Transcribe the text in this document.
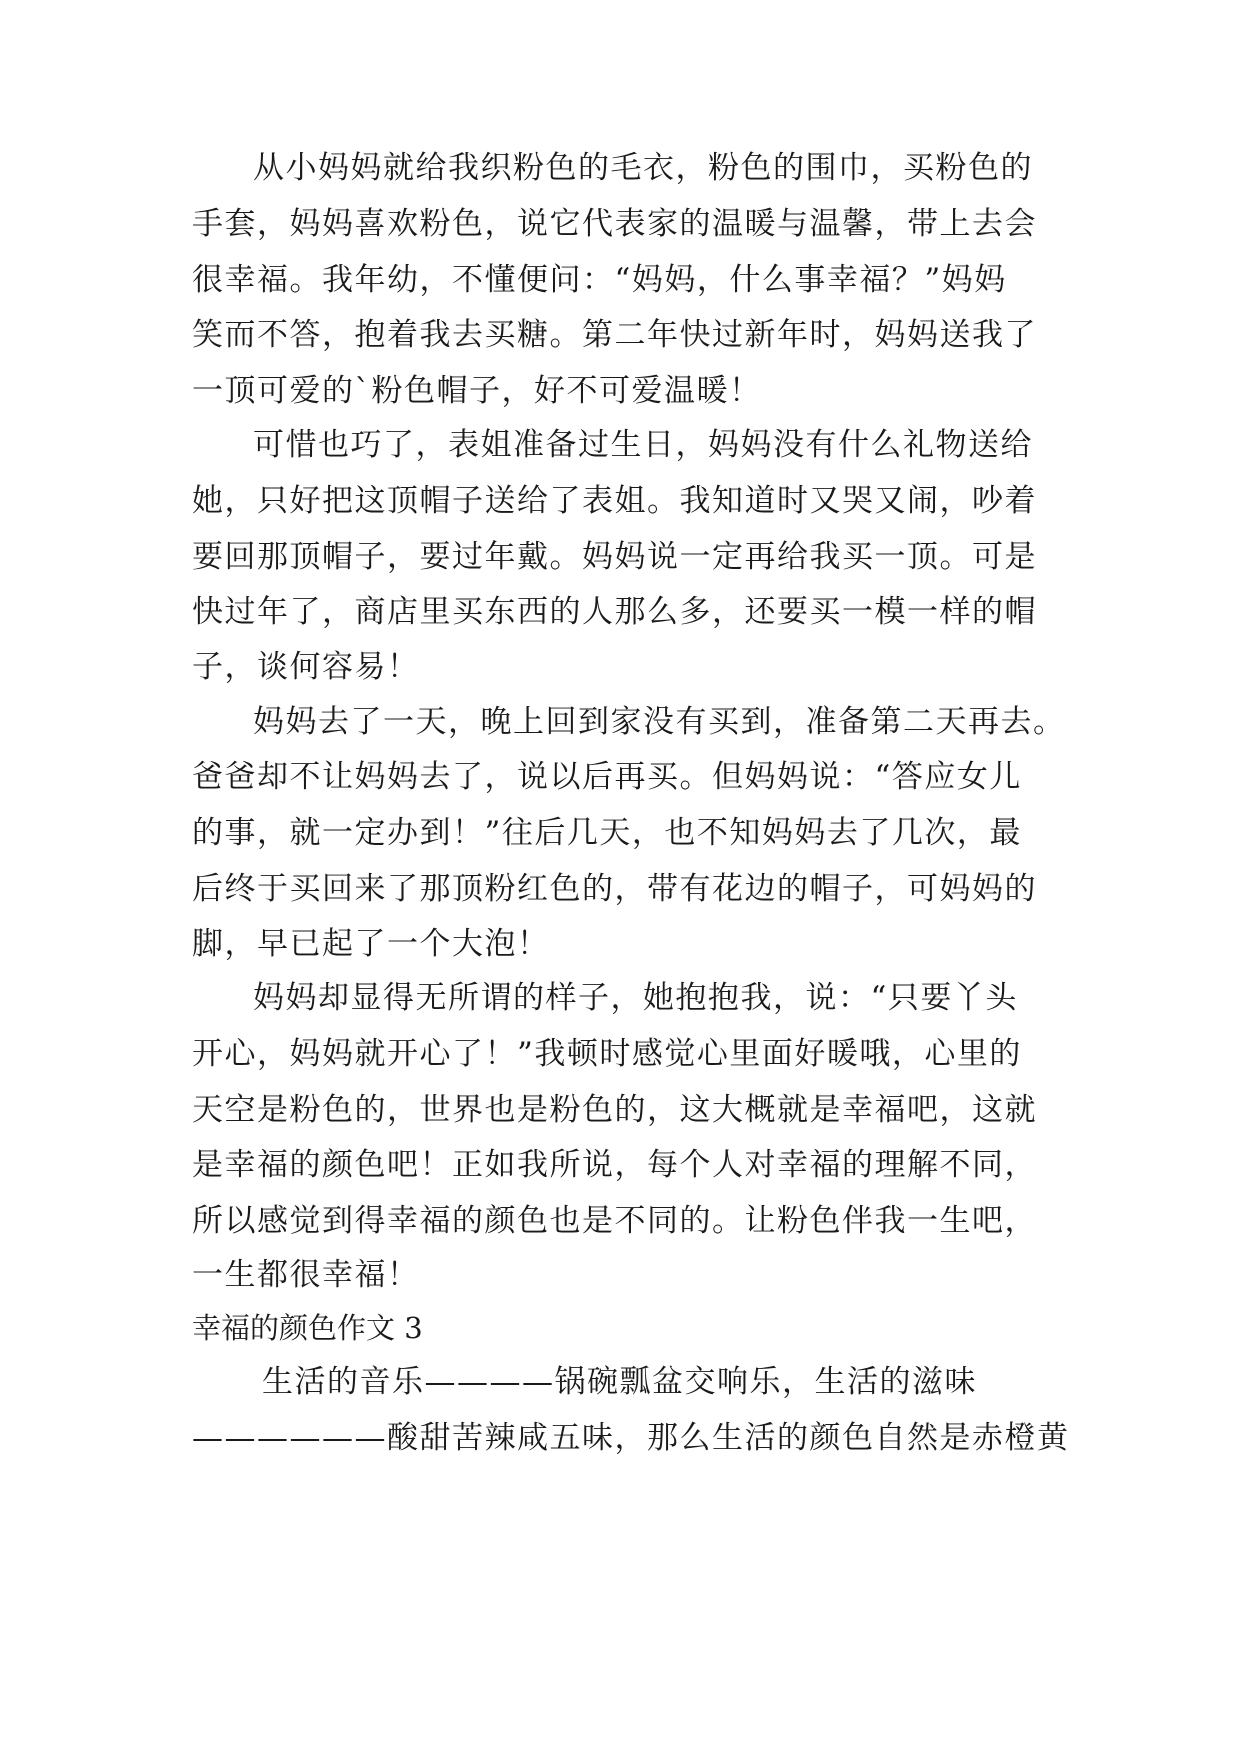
从小妈妈就给我织粉色的毛衣，粉色的围巾，买粉色的
手套，妈妈喜欢粉色，说它代表家的温暖与温馨，带上去会
很幸福。我年幼，不懂便问：“妈妈，什么事幸福？”妈妈
笑而不答，抱着我去买糖。第二年快过新年时，妈妈送我了
一顶可爱的`粉色帽子，好不可爱温暖！
可惜也巧了，表姐准备过生日，妈妈没有什么礼物送给
她，只好把这顶帽子送给了表姐。我知道时又哭又闹，吵着
要回那顶帽子，要过年戴。妈妈说一定再给我买一顶。可是
快过年了，商店里买东西的人那么多，还要买一模一样的帽
子，谈何容易！
妈妈去了一天，晚上回到家没有买到，准备第二天再去。
爸爸却不让妈妈去了，说以后再买。但妈妈说：“答应女儿
的事，就一定办到！”往后几天，也不知妈妈去了几次，最
后终于买回来了那顶粉红色的，带有花边的帽子，可妈妈的
脚，早已起了一个大泡！
妈妈却显得无所谓的样子，她抱抱我，说：“只要丫头
开心，妈妈就开心了！”我顿时感觉心里面好暖哦，心里的
天空是粉色的，世界也是粉色的，这大概就是幸福吧，这就
是幸福的颜色吧！正如我所说，每个人对幸福的理解不同，
所以感觉到得幸福的颜色也是不同的。让粉色伴我一生吧，
一生都很幸福！
幸福的颜色作文 3
生活的音乐————锅碗瓢盆交响乐，生活的滋味
——————酸甜苦辣咸五味，那么生活的颜色自然是赤橙黄
